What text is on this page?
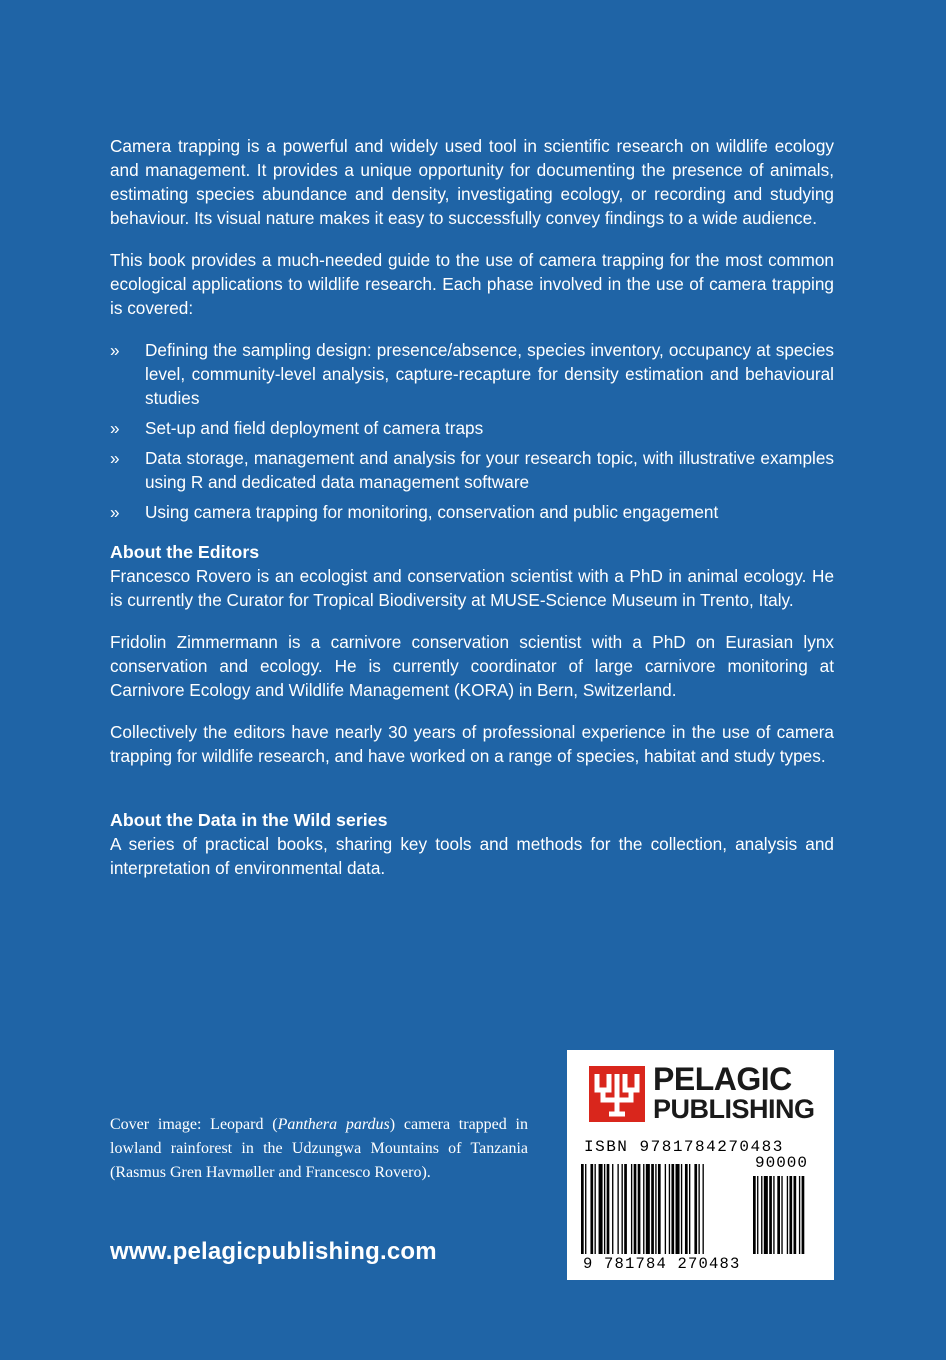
Camera trapping is a powerful and widely used tool in scientific research on wildlife ecology and management. It provides a unique opportunity for documenting the presence of animals, estimating species abundance and density, investigating ecology, or recording and studying behaviour. Its visual nature makes it easy to successfully convey findings to a wide audience.

This book provides a much-needed guide to the use of camera trapping for the most common ecological applications to wildlife research. Each phase involved in the use of camera trapping is covered:

» Defining the sampling design: presence/absence, species inventory, occupancy at species level, community-level analysis, capture-recapture for density estimation and behavioural studies
» Set-up and field deployment of camera traps
» Data storage, management and analysis for your research topic, with illustrative examples using R and dedicated data management software
» Using camera trapping for monitoring, conservation and public engagement
About the Editors

Francesco Rovero is an ecologist and conservation scientist with a PhD in animal ecology. He is currently the Curator for Tropical Biodiversity at MUSE-Science Museum in Trento, Italy.

Fridolin Zimmermann is a carnivore conservation scientist with a PhD on Eurasian lynx conservation and ecology. He is currently coordinator of large carnivore monitoring at Carnivore Ecology and Wildlife Management (KORA) in Bern, Switzerland.

Collectively the editors have nearly 30 years of professional experience in the use of camera trapping for wildlife research, and have worked on a range of species, habitat and study types.

About the Data in the Wild series

A series of practical books, sharing key tools and methods for the collection, analysis and interpretation of environmental data.

Cover image: Leopard (Panthera pardus) camera trapped in lowland rainforest in the Udzungwa Mountains of Tanzania (Rasmus Gren Havmøller and Francesco Rovero).
www.pelagicpublishing.com
PELAGIC
PUBLISHING
ISBN 9781784270483
90000
9 781784 270483
